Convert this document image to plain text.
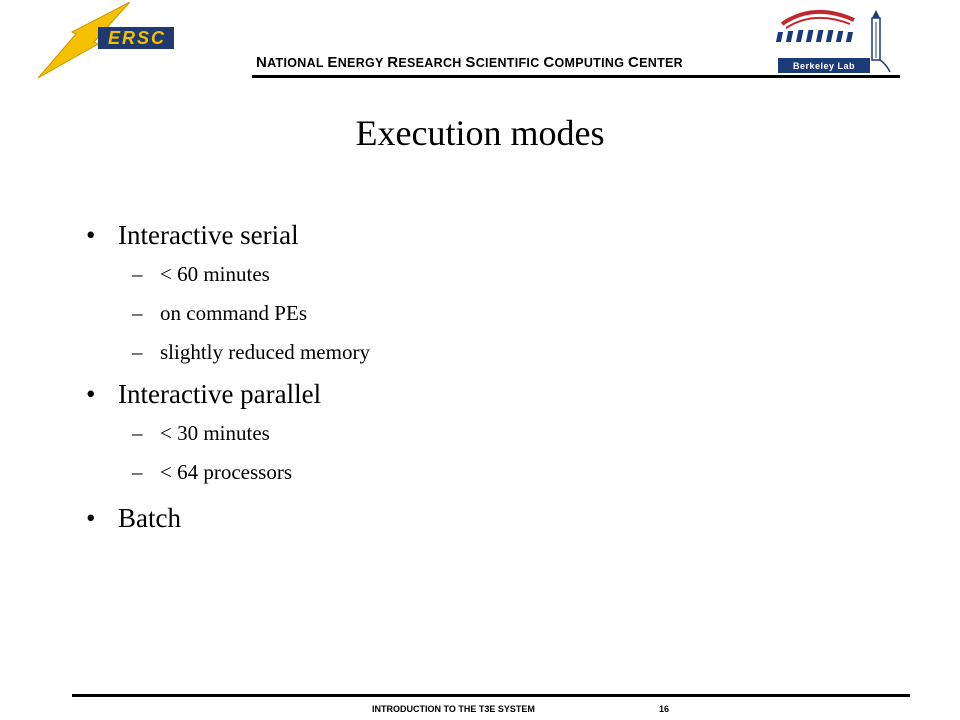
ERSC
Berkeley Lab
NATIONAL ENERGY RESEARCH SCIENTIFIC COMPUTING CENTER
Execution modes
• Interactive serial
– < 60 minutes
– on command PEs
– slightly reduced memory
• Interactive parallel
– < 30 minutes
– < 64 processors
• Batch
INTRODUCTION TO THE T3E SYSTEM	16
